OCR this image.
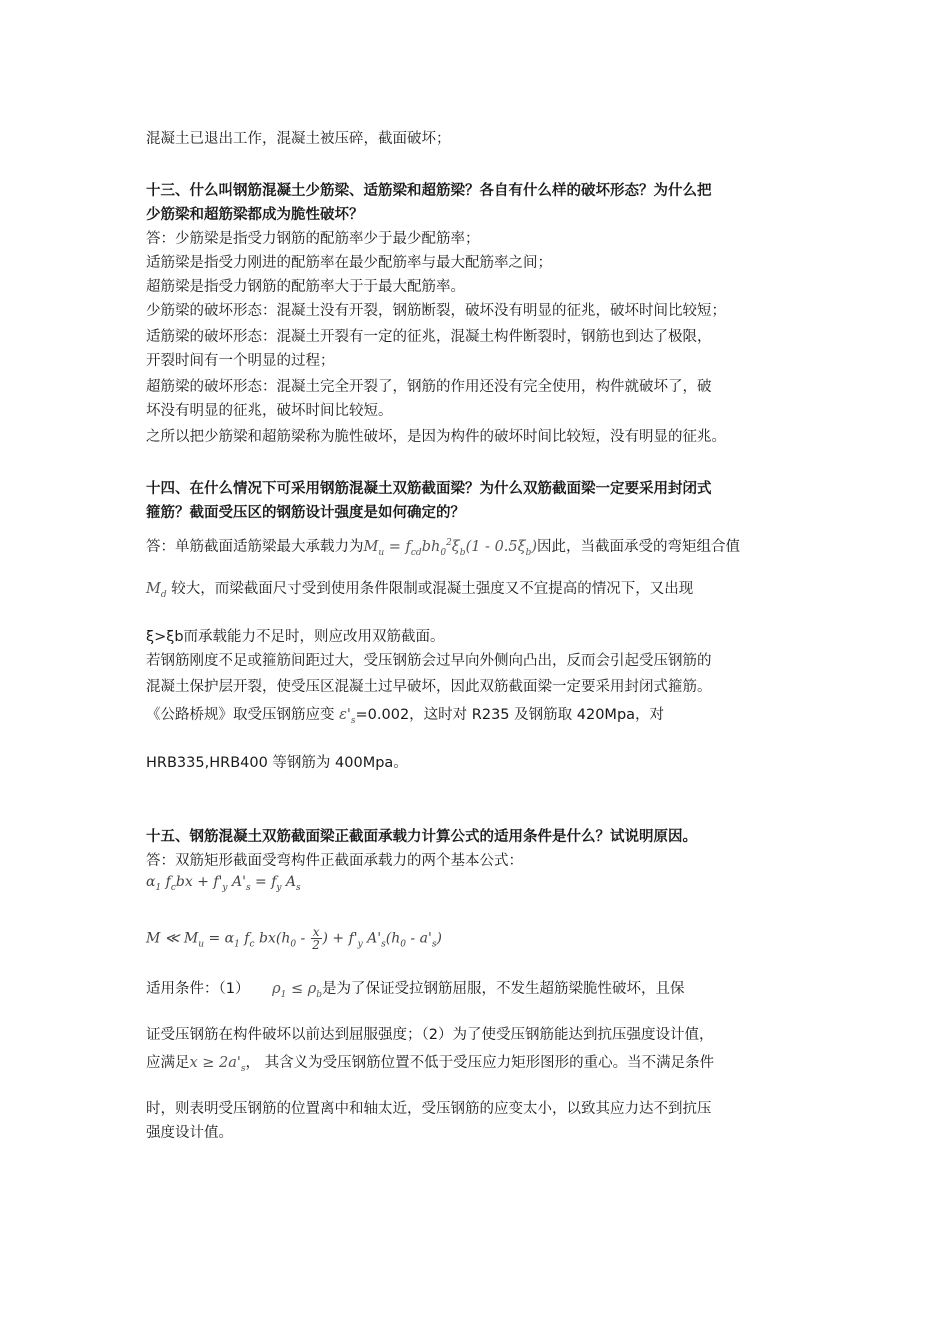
混凝土已退出工作，混凝土被压碎，截面破坏；
十三、什么叫钢筋混凝土少筋梁、适筋梁和超筋梁？各自有什么样的破坏形态？为什么把
少筋梁和超筋梁都成为脆性破坏？
答：少筋梁是指受力钢筋的配筋率少于最少配筋率；
适筋梁是指受力刚进的配筋率在最少配筋率与最大配筋率之间；
超筋梁是指受力钢筋的配筋率大于于最大配筋率。
少筋梁的破坏形态：混凝土没有开裂，钢筋断裂，破坏没有明显的征兆，破坏时间比较短；
适筋梁的破坏形态：混凝土开裂有一定的征兆，混凝土构件断裂时，钢筋也到达了极限，
开裂时间有一个明显的过程；
超筋梁的破坏形态：混凝土完全开裂了，钢筋的作用还没有完全使用，构件就破坏了，破
坏没有明显的征兆，破坏时间比较短。
之所以把少筋梁和超筋梁称为脆性破坏，是因为构件的破坏时间比较短，没有明显的征兆。
十四、在什么情况下可采用钢筋混凝土双筋截面梁？为什么双筋截面梁一定要采用封闭式
箍筋？截面受压区的钢筋设计强度是如何确定的？
答：单筋截面适筋梁最大承载力为$M_u = f_{cd}bh_0^2\xi_b(1 - 0.5\xi_b)$因此，当截面承受的弯矩组合值
$M_d$ 较大，而梁截面尺寸受到使用条件限制或混凝土强度又不宜提高的情况下，又出现
ξ>ξb而承载能力不足时，则应改用双筋截面。
若钢筋刚度不足或箍筋间距过大，受压钢筋会过早向外侧向凸出，反而会引起受压钢筋的
混凝土保护层开裂，使受压区混凝土过早破坏，因此双筋截面梁一定要采用封闭式箍筋。
《公路桥规》取受压钢筋应变 $\varepsilon'_s=0.002$，这时对 R235 及钢筋取 420Mpa，对
HRB335,HRB400 等钢筋为 400Mpa。
十五、钢筋混凝土双筋截面梁正截面承载力计算公式的适用条件是什么？试说明原因。
答：双筋矩形截面受弯构件正截面承载力的两个基本公式：
$\alpha_1$ $f_cbx + f'_y$ $A'_s = f_y$ $A_s$
M ≪ $M_u = \alpha_1$ $f_c$ $bx(h_0 - \frac{x}{2}$ ) + $f'_y$ $A'_s(h_0 - a'_s)$
适用条件：（1） $\rho_1 \le \rho_b$是为了保证受拉钢筋屈服，不发生超筋梁脆性破坏，且保
证受压钢筋在构件破坏以前达到屈服强度；（2）为了使受压钢筋能达到抗压强度设计值，
应满足$x \ge 2a'_s$， 其含义为受压钢筋位置不低于受压应力矩形图形的重心。当不满足条件
时，则表明受压钢筋的位置离中和轴太近，受压钢筋的应变太小，以致其应力达不到抗压
强度设计值。
